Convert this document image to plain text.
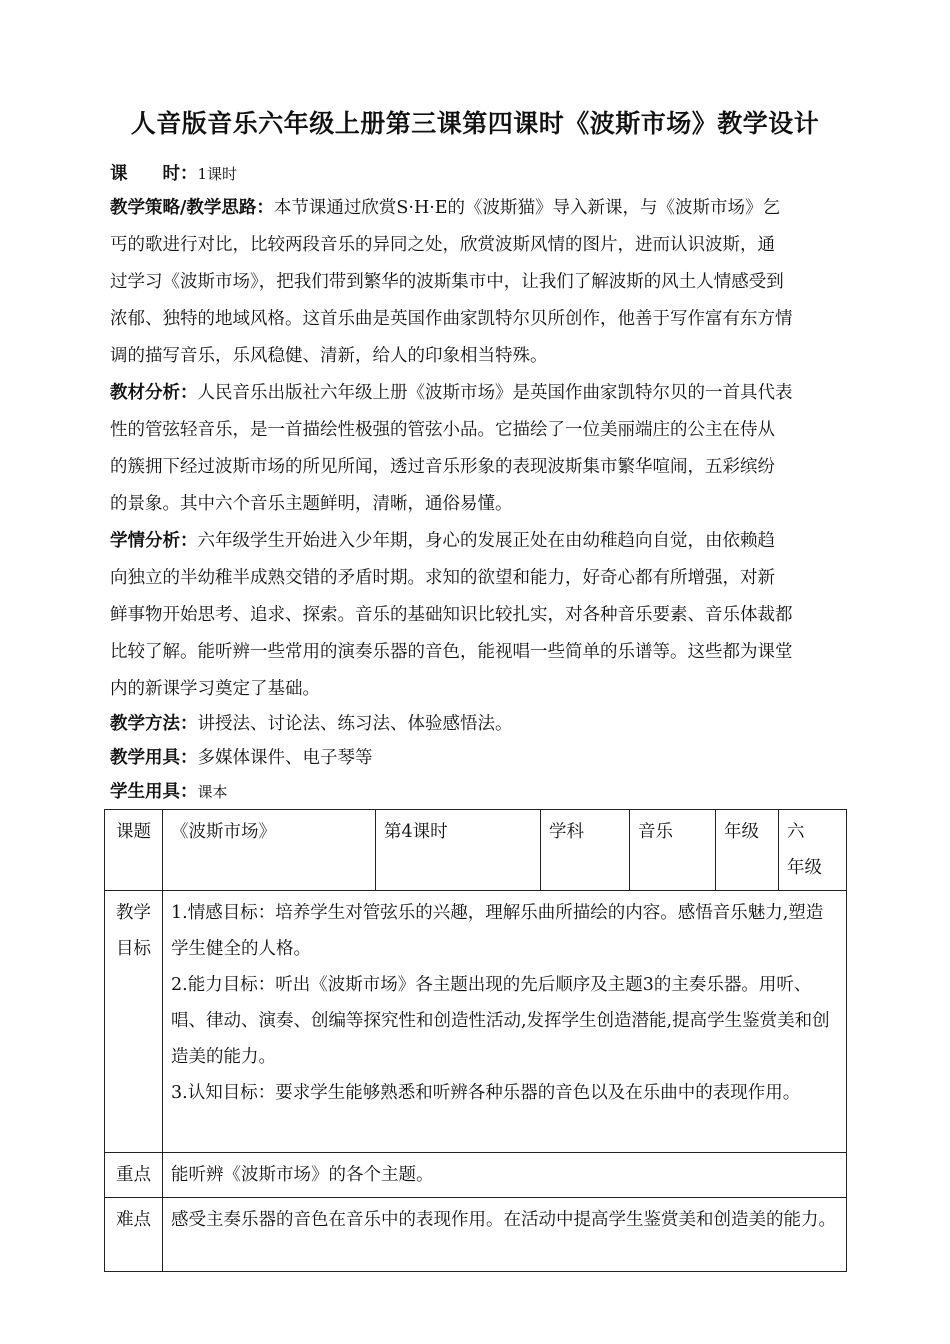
人音版音乐六年级上册第三课第四课时《波斯市场》教学设计
课　　时：1课时
教学策略/教学思路：本节课通过欣赏S·H·E的《波斯猫》导入新课，与《波斯市场》乞
丐的歌进行对比，比较两段音乐的异同之处，欣赏波斯风情的图片，进而认识波斯，通
过学习《波斯市场》，把我们带到繁华的波斯集市中，让我们了解波斯的风土人情感受到
浓郁、独特的地域风格。这首乐曲是英国作曲家凯特尔贝所创作，他善于写作富有东方情
调的描写音乐，乐风稳健、清新，给人的印象相当特殊。
教材分析：人民音乐出版社六年级上册《波斯市场》是英国作曲家凯特尔贝的一首具代表
性的管弦轻音乐，是一首描绘性极强的管弦小品。它描绘了一位美丽端庄的公主在侍从
的簇拥下经过波斯市场的所见所闻，透过音乐形象的表现波斯集市繁华喧闹，五彩缤纷
的景象。其中六个音乐主题鲜明，清晰，通俗易懂。
学情分析：六年级学生开始进入少年期，身心的发展正处在由幼稚趋向自觉，由依赖趋
向独立的半幼稚半成熟交错的矛盾时期。求知的欲望和能力，好奇心都有所增强，对新
鲜事物开始思考、追求、探索。音乐的基础知识比较扎实，对各种音乐要素、音乐体裁都
比较了解。能听辨一些常用的演奏乐器的音色，能视唱一些简单的乐谱等。这些都为课堂
内的新课学习奠定了基础。
教学方法：讲授法、讨论法、练习法、体验感悟法。
教学用具：多媒体课件、电子琴等
学生用具：课本
课题	《波斯市场》	第4课时	学科	音乐	年级	六　年级
教学目标	1.情感目标：培养学生对管弦乐的兴趣，理解乐曲所描绘的内容。感悟音乐魅力,塑造学生健全的人格。
2.能力目标：听出《波斯市场》各主题出现的先后顺序及主题3的主奏乐器。用听、唱、律动、演奏、创编等探究性和创造性活动,发挥学生创造潜能,提高学生鉴赏美和创造美的能力。
3.认知目标：要求学生能够熟悉和听辨各种乐器的音色以及在乐曲中的表现作用。					

重点	能听辨《波斯市场》的各个主题。					
难点	感受主奏乐器的音色在音乐中的表现作用。在活动中提高学生鉴赏美和创造美的能力。					
